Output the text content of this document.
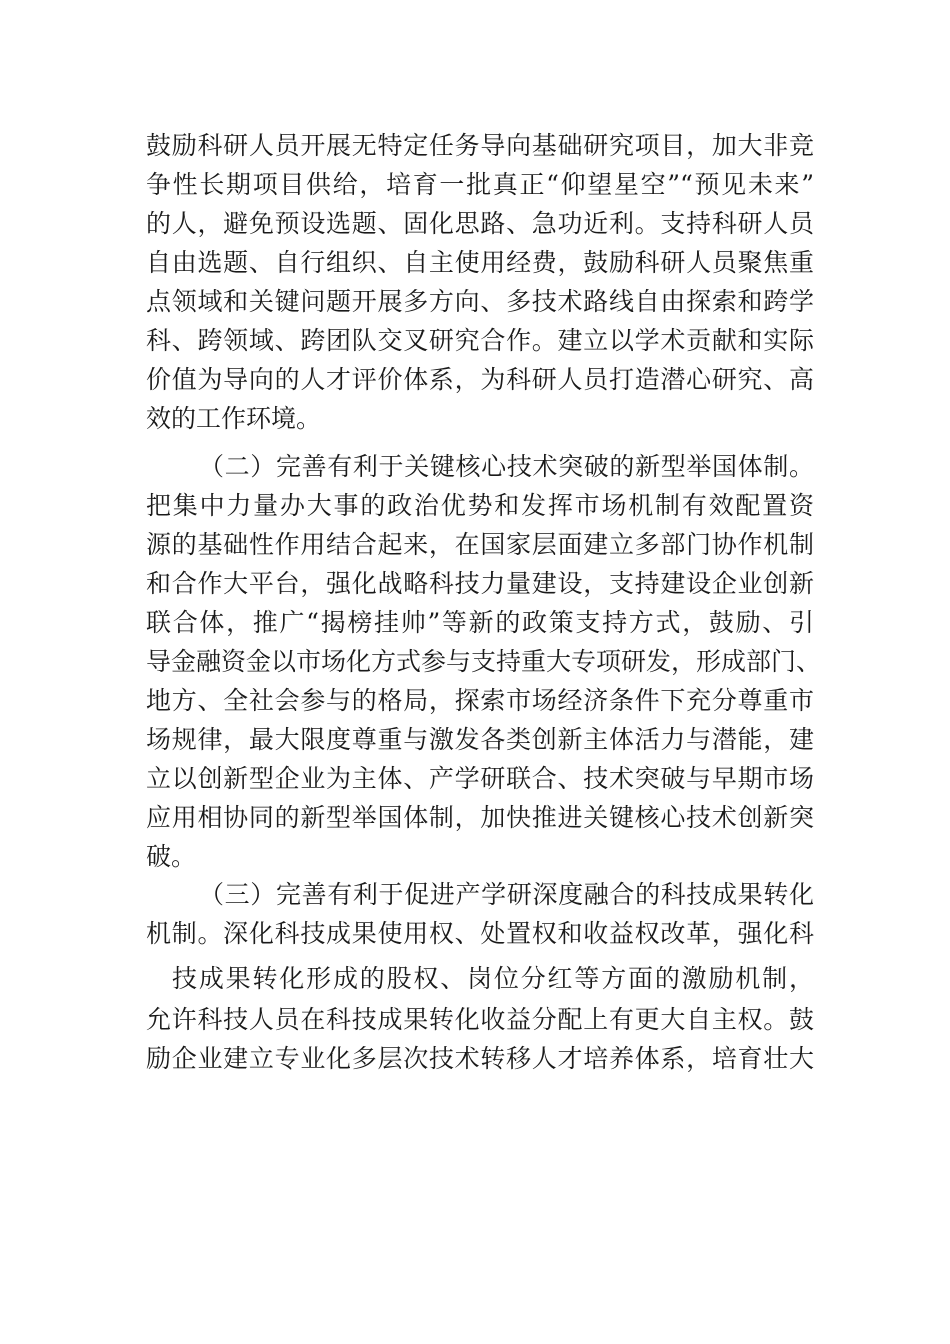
鼓励科研人员开展无特定任务导向基础研究项目，加大非竞
争性长期项目供给，培育一批真正“仰望星空”“预见未来”
的人，避免预设选题、固化思路、急功近利。支持科研人员
自由选题、自行组织、自主使用经费，鼓励科研人员聚焦重
点领域和关键问题开展多方向、多技术路线自由探索和跨学
科、跨领域、跨团队交叉研究合作。建立以学术贡献和实际
价值为导向的人才评价体系，为科研人员打造潜心研究、高
效的工作环境。
（二）完善有利于关键核心技术突破的新型举国体制。
把集中力量办大事的政治优势和发挥市场机制有效配置资
源的基础性作用结合起来，在国家层面建立多部门协作机制
和合作大平台，强化战略科技力量建设，支持建设企业创新
联合体，推广“揭榜挂帅”等新的政策支持方式，鼓励、引
导金融资金以市场化方式参与支持重大专项研发，形成部门、
地方、全社会参与的格局，探索市场经济条件下充分尊重市
场规律，最大限度尊重与激发各类创新主体活力与潜能，建
立以创新型企业为主体、产学研联合、技术突破与早期市场
应用相协同的新型举国体制，加快推进关键核心技术创新突
破。
（三）完善有利于促进产学研深度融合的科技成果转化
机制。深化科技成果使用权、处置权和收益权改革，强化科
技成果转化形成的股权、岗位分红等方面的激励机制，
允许科技人员在科技成果转化收益分配上有更大自主权。鼓
励企业建立专业化多层次技术转移人才培养体系，培育壮大
